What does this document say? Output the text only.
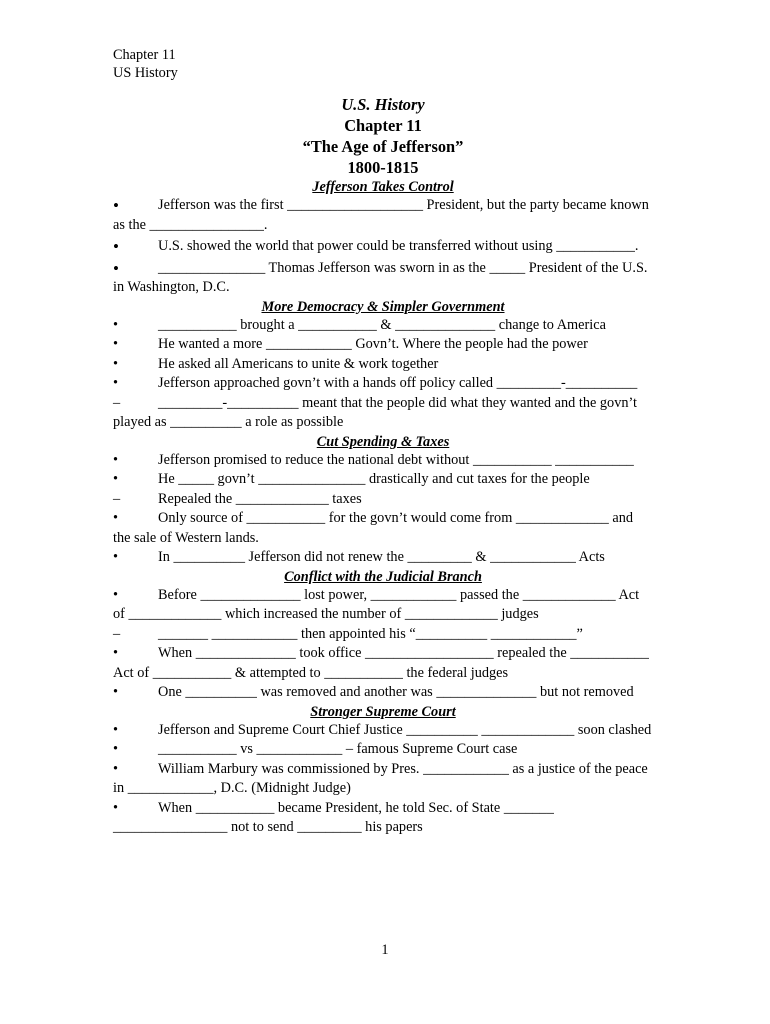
Chapter 11
US History
U.S. History
Chapter 11
“The Age of Jefferson”
1800-1815
Jefferson Takes Control
•	Jefferson was the first ___________________ President, but the party became known as the ________________.
•	U.S. showed the world that power could be transferred without using ___________.
•	_______________ Thomas Jefferson was sworn in as the _____ President of the U.S. in Washington, D.C.
More Democracy & Simpler Government
•	___________ brought a ___________ & ______________ change to America
•	He wanted a more ____________ Govn’t. Where the people had the power
•	He asked all Americans to unite & work together
•	Jefferson approached govn’t with a hands off policy called _________-__________
–	_________-__________ meant that the people did what they wanted and the govn’t played as __________ a role as possible
Cut Spending & Taxes
•	Jefferson promised to reduce the national debt without ___________ ___________
•	He _____ govn’t _______________ drastically and cut taxes for the people
–	Repealed the _____________ taxes
•	Only source of ___________ for the govn’t would come from _____________ and the sale of Western lands.
•	In __________ Jefferson did not renew the _________ & ____________ Acts
Conflict with the Judicial Branch
•	Before ______________ lost power, ____________ passed the _____________ Act of _____________ which increased the number of _____________ judges
–	_______ ____________ then appointed his “__________ ____________”
•	When ______________ took office __________________ repealed the ___________ Act of ___________ & attempted to ___________ the federal judges
•	One __________ was removed and another was ______________ but not removed
Stronger Supreme Court
•	Jefferson and Supreme Court Chief Justice __________ _____________ soon clashed
•	___________ vs ____________ – famous Supreme Court case
•	William Marbury was commissioned by Pres. ____________ as a justice of the peace in ____________, D.C. (Midnight Judge)
•	When ___________ became President, he told Sec. of State _______ ________________ not to send _________ his papers
1
